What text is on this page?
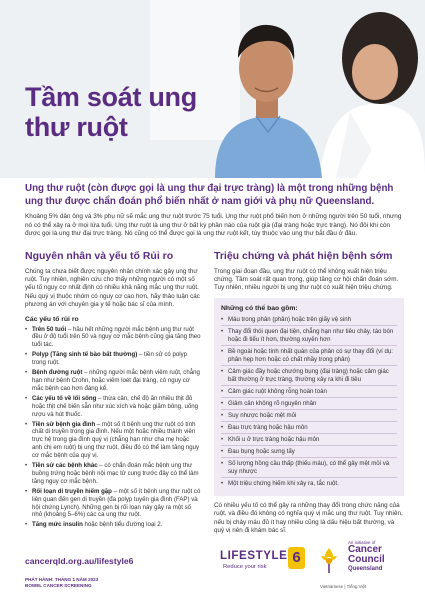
Tầm soát ung thư ruột
Ung thư ruột (còn được gọi là ung thư đại trực tràng) là một trong những bệnh ung thư được chẩn đoán phổ biến nhất ở nam giới và phụ nữ Queensland.
Khoảng 5% dân ông và 3% phụ nữ sẽ mắc ung thư ruột trước 75 tuổi. Ung thư ruột phổ biến hơn ở những người trên 50 tuổi, nhưng nó có thể xảy ra ở mọi lứa tuổi. Ung thư ruột là ung thư ở bất kỳ phần nào của ruột già (đại tràng hoặc trực tràng). Nó đôi khi còn được gọi là ung thư đại trực tràng. Nó cũng có thể được gọi là ung thư ruột kết, tùy thuộc vào ung thư bắt đầu ở đâu.
Nguyên nhân và yếu tố Rủi ro
Chúng ta chưa biết được nguyên nhân chính xác gây ung thư ruột. Tuy nhiên, nghiên cứu cho thấy những người có một số yếu tố nguy cơ nhất định có nhiều khả năng mắc ung thư ruột. Nếu quý vị thuộc nhóm có nguy cơ cao hơn, hãy thảo luận các phương án với chuyên gia y tế hoặc bác sĩ của mình.
Các yếu tố rủi ro
• Trên 50 tuổi – hầu hết những người mắc bệnh ung thư ruột đều ở độ tuổi trên 50 và nguy cơ mắc bệnh cũng gia tăng theo tuổi tác.
• Polyp (Tăng sinh tế bào bất thường) – tiền sử có polyp trong ruột.
• Bệnh đường ruột – những người mắc bệnh viêm ruột, chẳng hạn như bệnh Crohn, hoặc viêm loét đại tràng, có nguy cơ mắc bệnh cao hơn đáng kể.
• Các yếu tố về lối sống – thừa cân, chế độ ăn nhiều thịt đỏ hoặc thịt chế biến sẵn như xúc xích và hoặc giăm bông, uống rượu và hút thuốc.
• Tiền sử bệnh gia đình – một số ít bệnh ung thư ruột có tính chất di truyền trong gia đình. Nếu một hoặc nhiều thành viên trực hệ trong gia đình quý vị (chẳng hạn như cha mẹ hoặc anh chị em ruột) bị ung thư ruột, điều đó có thể làm tăng nguy cơ mắc bệnh của quý vị.
• Tiền sử các bệnh khác – có chẩn đoán mắc bệnh ung thư buồng trứng hoặc bệnh nội mạc tử cung trước đây có thể làm tăng nguy cơ mắc bệnh.
• Rối loạn di truyền hiếm gặp – một số ít bệnh ung thư ruột có liên quan đến gen di truyền (đa polyp tuyến gia đình (FAP) và hội chứng Lynch). Những gen bị rối loạn này gây ra một số nhỏ (khoảng 5–6%) các ca ung thư ruột.
• Tăng mức insulin hoặc bệnh tiểu đường loại 2.
Triệu chứng và phát hiện bệnh sớm
Trong giai đoạn đầu, ung thư ruột có thể không xuất hiện triệu chứng. Tầm soát rất quan trọng, giúp tăng cơ hội chẩn đoán sớm. Tuy nhiên, nhiều người bị ung thư ruột có xuất hiện triệu chứng.
Những có thể bao gồm:
• Máu trong phân (phân) hoặc trên giấy vệ sinh
• Thay đổi thói quen đại tiện, chẳng hạn như tiêu chảy, táo bón hoặc đi tiểu ít hơn, thường xuyên hơn
• Bề ngoài hoặc tính nhất quán của phân có sự thay đổi (ví dụ: phân hẹp hơn hoặc có chất nhầy trong phân)
• Cảm giác đầy hoặc chướng bụng (đại tràng) hoặc cảm giác bất thường ở trực tràng, thường xảy ra khi đi tiêu
• Cảm giác ruột không rỗng hoàn toàn
• Giảm cân không rõ nguyên nhân
• Suy nhược hoặc mệt mỏi
• Đau trực tràng hoặc hậu môn
• Khối u ở trực tràng hoặc hậu môn
• Đau bụng hoặc sưng tấy
• Số lượng hồng cầu thấp (thiếu máu), có thể gây mệt mỏi và suy nhược
• Một triệu chứng hiếm khi xảy ra, tắc ruột.
Có nhiều yếu tố có thể gây ra những thay đổi trong chức năng của ruột, và điều đó không có nghĩa quý vị mắc ung thư ruột. Tuy nhiên, nếu bị chảy máu đủ ít hay nhiều cũng là dấu hiệu bất thường, và quý vị nên đi khám bác sĩ.
cancerqld.org.au/lifestyle6
PHÁT HÀNH: THÁNG 1 NĂM 2023
BOWEL CANCER SCREENING
LIFESTYLE 6
Reduce your risk
An initiative of
Cancer
Council
Queensland
Vietnamese | Tiếng Việt
